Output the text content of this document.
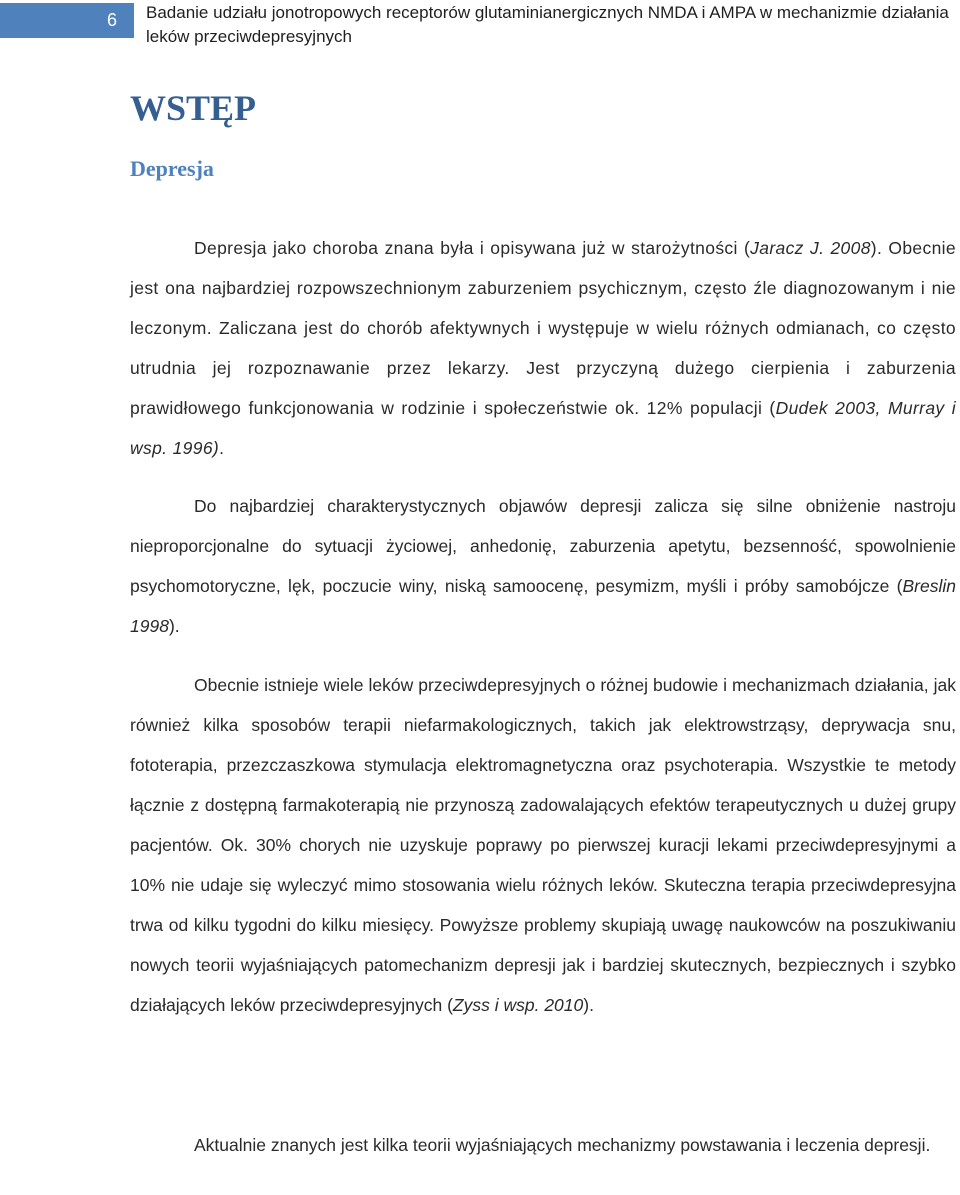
6	Badanie udziału jonotropowych receptorów glutaminianergicznych NMDA i AMPA w mechanizmie działania leków przeciwdepresyjnych
WSTĘP
Depresja

Depresja jako choroba znana była i opisywana już w starożytności (Jaracz J. 2008). Obecnie jest ona najbardziej rozpowszechnionym zaburzeniem psychicznym, często źle diagnozowanym i nie leczonym. Zaliczana jest do chorób afektywnych i występuje w wielu różnych odmianach, co często utrudnia jej rozpoznawanie przez lekarzy. Jest przyczyną dużego cierpienia i zaburzenia prawidłowego funkcjonowania w rodzinie i społeczeństwie ok. 12% populacji (Dudek 2003, Murray i wsp. 1996).

Do najbardziej charakterystycznych objawów depresji zalicza się silne obniżenie nastroju nieproporcjonalne do sytuacji życiowej, anhedonię, zaburzenia apetytu, bezsenność, spowolnienie psychomotoryczne, lęk, poczucie winy, niską samoocenę, pesymizm, myśli i próby samobójcze (Breslin 1998).

Obecnie istnieje wiele leków przeciwdepresyjnych o różnej budowie i mechanizmach działania, jak również kilka sposobów terapii niefarmakologicznych, takich jak elektrowstrząsy, deprywacja snu, fototerapia, przezczaszkowa stymulacja elektromagnetyczna oraz psychoterapia. Wszystkie te metody łącznie z dostępną farmakoterapią nie przynoszą zadowalających efektów terapeutycznych u dużej grupy pacjentów. Ok. 30% chorych nie uzyskuje poprawy po pierwszej kuracji lekami przeciwdepresyjnymi a 10% nie udaje się wyleczyć mimo stosowania wielu różnych leków. Skuteczna terapia przeciwdepresyjna trwa od kilku tygodni do kilku miesięcy. Powyższe problemy skupiają uwagę naukowców na poszukiwaniu nowych teorii wyjaśniających patomechanizm depresji jak i bardziej skutecznych, bezpiecznych i szybko działających leków przeciwdepresyjnych (Zyss i wsp. 2010).

Aktualnie znanych jest kilka teorii wyjaśniających mechanizmy powstawania i leczenia depresji.
